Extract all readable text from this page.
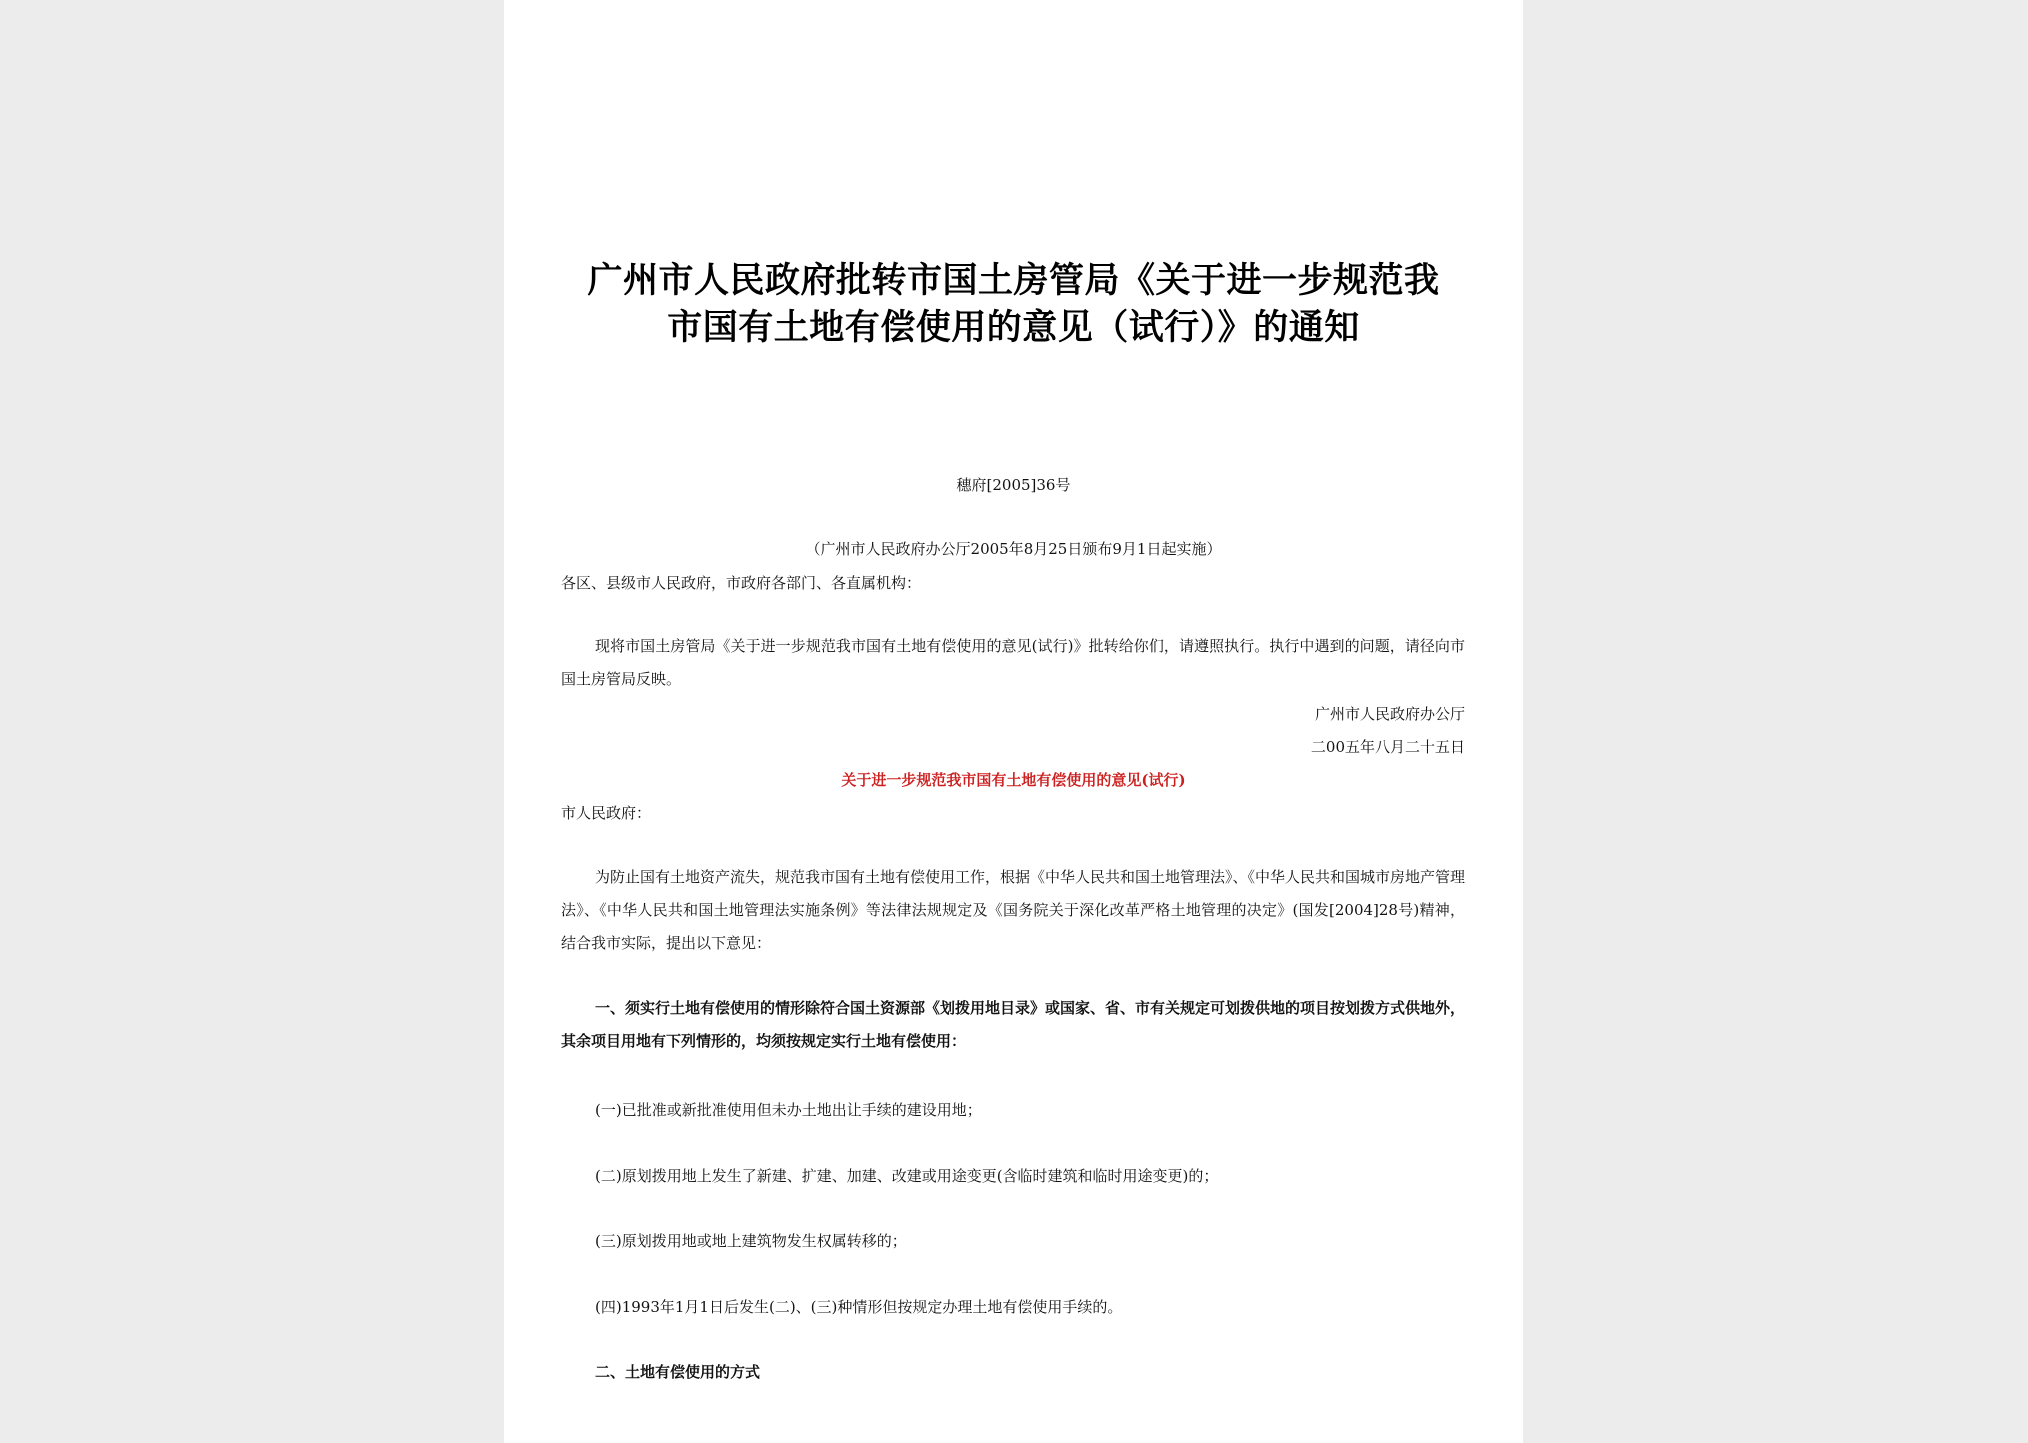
广州市人民政府批转市国土房管局《关于进一步规范我
市国有土地有偿使用的意见（试行）》的通知
穗府[2005]36号
（广州市人民政府办公厅2005年8月25日颁布9月1日起实施）
各区、县级市人民政府，市政府各部门、各直属机构：
现将市国土房管局《关于进一步规范我市国有土地有偿使用的意见(试行)》批转给你们，请遵照执行。执行中遇到的问题，请径向市国土房管局反映。
广州市人民政府办公厅
二00五年八月二十五日
关于进一步规范我市国有土地有偿使用的意见(试行)
市人民政府：
为防止国有土地资产流失，规范我市国有土地有偿使用工作，根据《中华人民共和国土地管理法》、《中华人民共和国城市房地产管理法》、《中华人民共和国土地管理法实施条例》等法律法规规定及《国务院关于深化改革严格土地管理的决定》(国发[2004]28号)精神，结合我市实际，提出以下意见：
一、须实行土地有偿使用的情形除符合国土资源部《划拨用地目录》或国家、省、市有关规定可划拨供地的项目按划拨方式供地外，其余项目用地有下列情形的，均须按规定实行土地有偿使用：
(一)已批准或新批准使用但未办土地出让手续的建设用地；
(二)原划拨用地上发生了新建、扩建、加建、改建或用途变更(含临时建筑和临时用途变更)的；
(三)原划拨用地或地上建筑物发生权属转移的；
(四)1993年1月1日后发生(二)、(三)种情形但按规定办理土地有偿使用手续的。
二、土地有偿使用的方式
